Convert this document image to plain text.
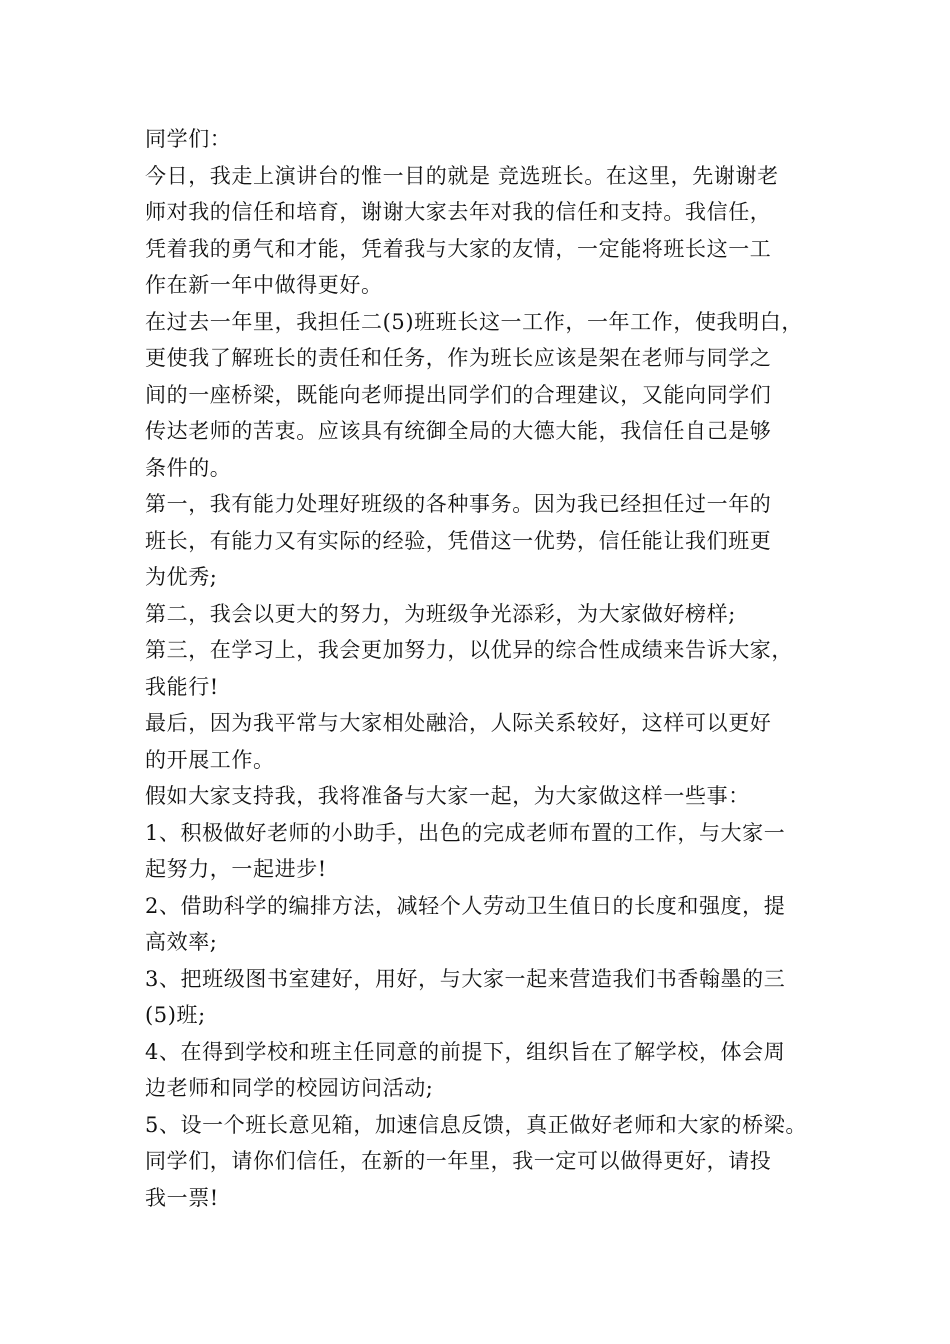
同学们：
今日，我走上演讲台的惟一目的就是 竞选班长。在这里，先谢谢老
师对我的信任和培育，谢谢大家去年对我的信任和支持。我信任，
凭着我的勇气和才能，凭着我与大家的友情，一定能将班长这一工
作在新一年中做得更好。
在过去一年里，我担任二(5)班班长这一工作，一年工作，使我明白，
更使我了解班长的责任和任务，作为班长应该是架在老师与同学之
间的一座桥梁，既能向老师提出同学们的合理建议，又能向同学们
传达老师的苦衷。应该具有统御全局的大德大能，我信任自己是够
条件的。
第一，我有能力处理好班级的各种事务。因为我已经担任过一年的
班长，有能力又有实际的经验，凭借这一优势，信任能让我们班更
为优秀;
第二，我会以更大的努力，为班级争光添彩，为大家做好榜样;
第三，在学习上，我会更加努力，以优异的综合性成绩来告诉大家，
我能行!
最后，因为我平常与大家相处融洽，人际关系较好，这样可以更好
的开展工作。
假如大家支持我，我将准备与大家一起，为大家做这样一些事：
1、积极做好老师的小助手，出色的完成老师布置的工作，与大家一
起努力，一起进步!
2、借助科学的编排方法，减轻个人劳动卫生值日的长度和强度，提
高效率;
3、把班级图书室建好，用好，与大家一起来营造我们书香翰墨的三
(5)班;
4、在得到学校和班主任同意的前提下，组织旨在了解学校，体会周
边老师和同学的校园访问活动;
5、设一个班长意见箱，加速信息反馈，真正做好老师和大家的桥梁。
同学们，请你们信任，在新的一年里，我一定可以做得更好，请投
我一票!
